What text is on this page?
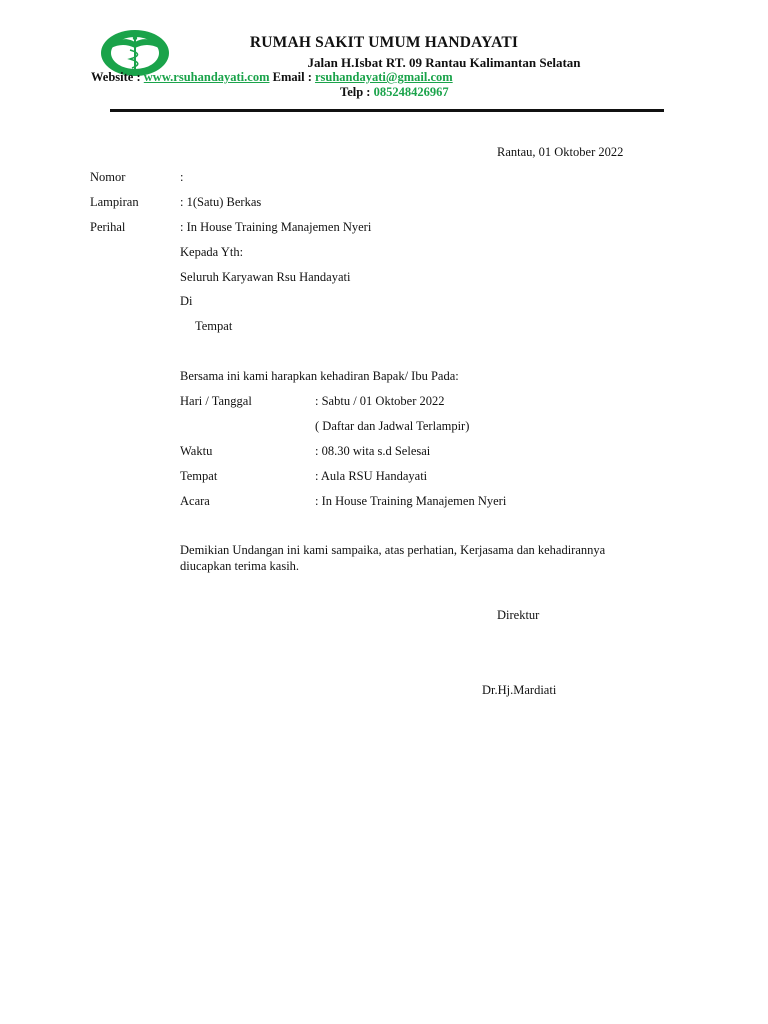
RUMAH SAKIT UMUM HANDAYATI
Jalan H.Isbat RT. 09 Rantau Kalimantan Selatan
Website : www.rsuhandayati.com Email : rsuhandayati@gmail.com
Telp : 085248426967
Rantau, 01 Oktober 2022
Nomor	:
Lampiran	: 1(Satu) Berkas
Perihal	: In House Training Manajemen Nyeri
Kepada Yth:
Seluruh Karyawan Rsu Handayati
Di
Tempat
Bersama ini kami harapkan kehadiran Bapak/ Ibu Pada:
Hari / Tanggal	: Sabtu / 01 Oktober 2022
( Daftar dan Jadwal Terlampir)
Waktu	: 08.30 wita s.d Selesai
Tempat	: Aula RSU Handayati
Acara	: In House Training Manajemen Nyeri
Demikian Undangan ini kami sampaika, atas perhatian, Kerjasama dan kehadirannya
diucapkan terima kasih.
Direktur
Dr.Hj.Mardiati
